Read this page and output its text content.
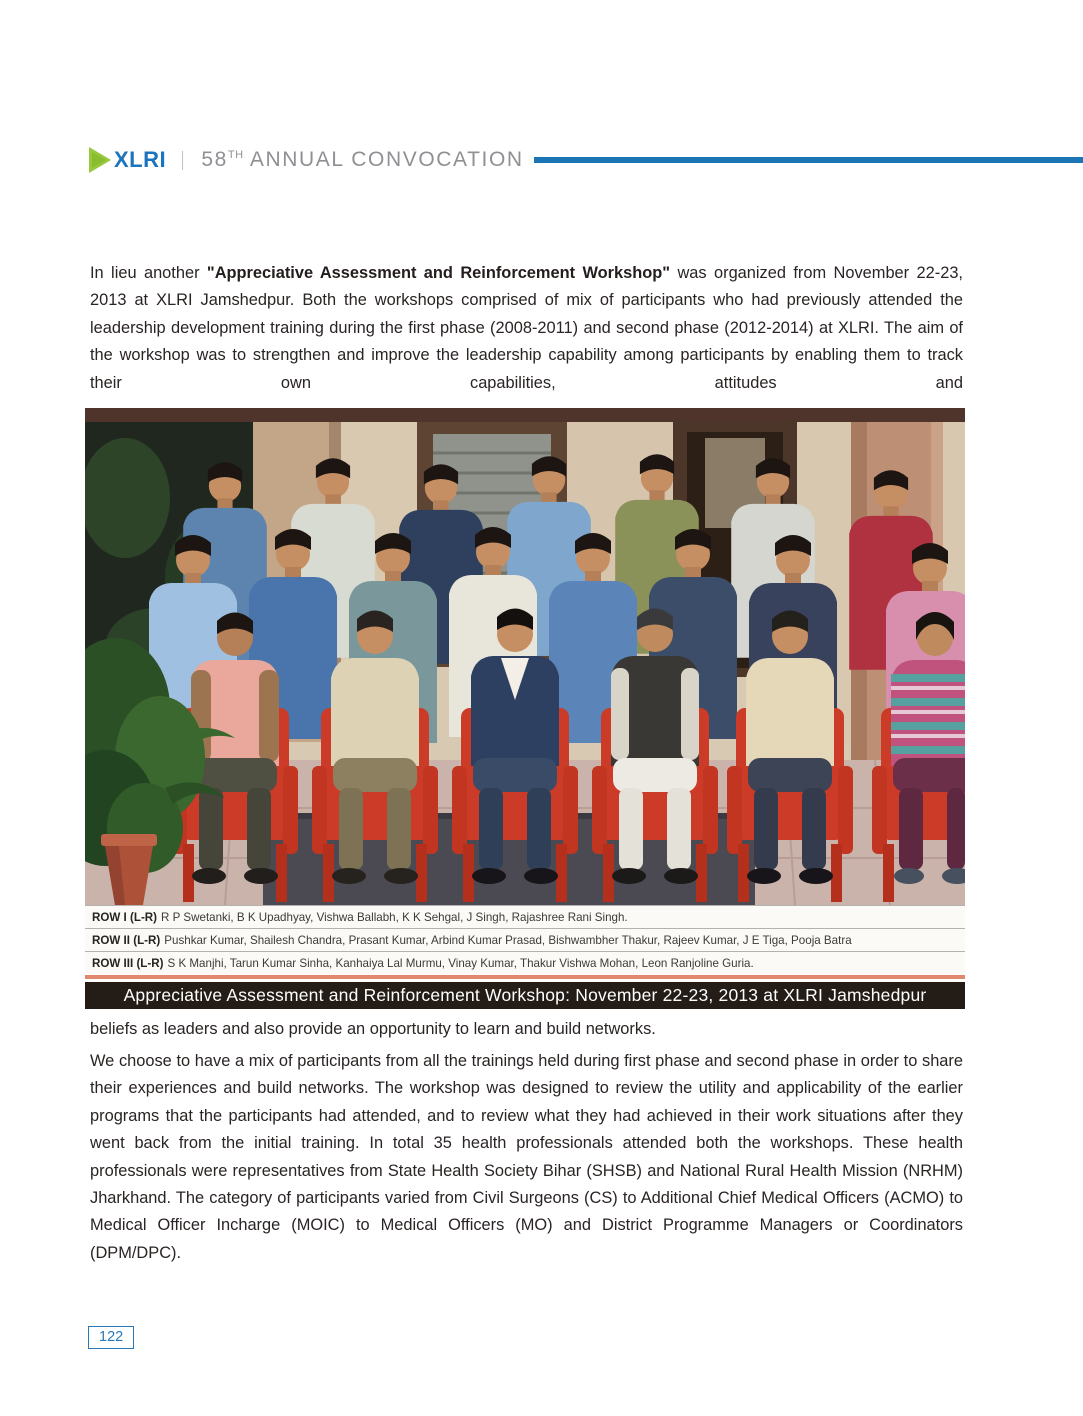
XLRI | 58TH ANNUAL CONVOCATION

In lieu another "Appreciative Assessment and Reinforcement Workshop" was organized from November 22-23, 2013 at XLRI Jamshedpur. Both the workshops comprised of mix of participants who had previously attended the leadership development training during the first phase (2008-2011) and second phase (2012-2014) at XLRI. The aim of the workshop was to strengthen and improve the leadership capability among participants by enabling them to track their own capabilities, attitudes and

ROW I (L-R) R P Swetanki, B K Upadhyay, Vishwa Ballabh, K K Sehgal, J Singh, Rajashree Rani Singh.
ROW II (L-R) Pushkar Kumar, Shailesh Chandra, Prasant Kumar, Arbind Kumar Prasad, Bishwambher Thakur, Rajeev Kumar, J E Tiga, Pooja Batra
ROW III (L-R) S K Manjhi, Tarun Kumar Sinha, Kanhaiya Lal Murmu, Vinay Kumar, Thakur Vishwa Mohan, Leon Ranjoline Guria.
Appreciative Assessment and Reinforcement Workshop: November 22-23, 2013 at XLRI Jamshedpur

beliefs as leaders and also provide an opportunity to learn and build networks.

We choose to have a mix of participants from all the trainings held during first phase and second phase in order to share their experiences and build networks. The workshop was designed to review the utility and applicability of the earlier programs that the participants had attended, and to review what they had achieved in their work situations after they went back from the initial training. In total 35 health professionals attended both the workshops. These health professionals were representatives from State Health Society Bihar (SHSB) and National Rural Health Mission (NRHM) Jharkhand. The category of participants varied from Civil Surgeons (CS) to Additional Chief Medical Officers (ACMO) to Medical Officer Incharge (MOIC) to Medical Officers (MO) and District Programme Managers or Coordinators (DPM/DPC).

122
